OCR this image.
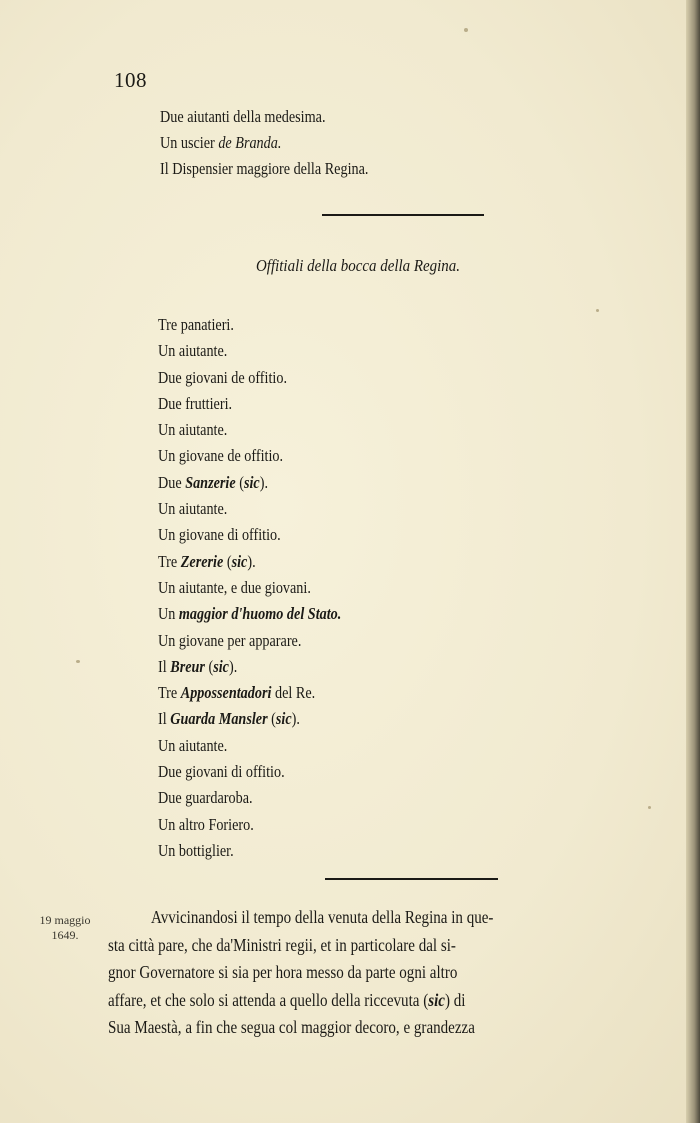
108
Due aiutanti della medesima.
Un uscier de Branda.
Il Dispensier maggiore della Regina.
Offitiali della bocca della Regina.
Tre panatieri.
Un aiutante.
Due giovani de offitio.
Due fruttieri.
Un aiutante.
Un giovane de offitio.
Due Sanzerie (sic).
Un aiutante.
Un giovane di offitio.
Tre Zererie (sic).
Un aiutante, e due giovani.
Un maggior d'huomo del Stato.
Un giovane per apparare.
Il Breur (sic).
Tre Appossentadori del Re.
Il Guarda Mansler (sic).
Un aiutante.
Due giovani di offitio.
Due guardaroba.
Un altro Foriero.
Un bottiglier.
19 maggio
1649.
Avvicinandosi il tempo della venuta della Regina in que-
sta città pare, che da'Ministri regii, et in particolare dal si-
gnor Governatore si sia per hora messo da parte ogni altro
affare, et che solo si attenda a quello della riccevuta (sic) di
Sua Maestà, a fin che segua col maggior decoro, e grandezza
